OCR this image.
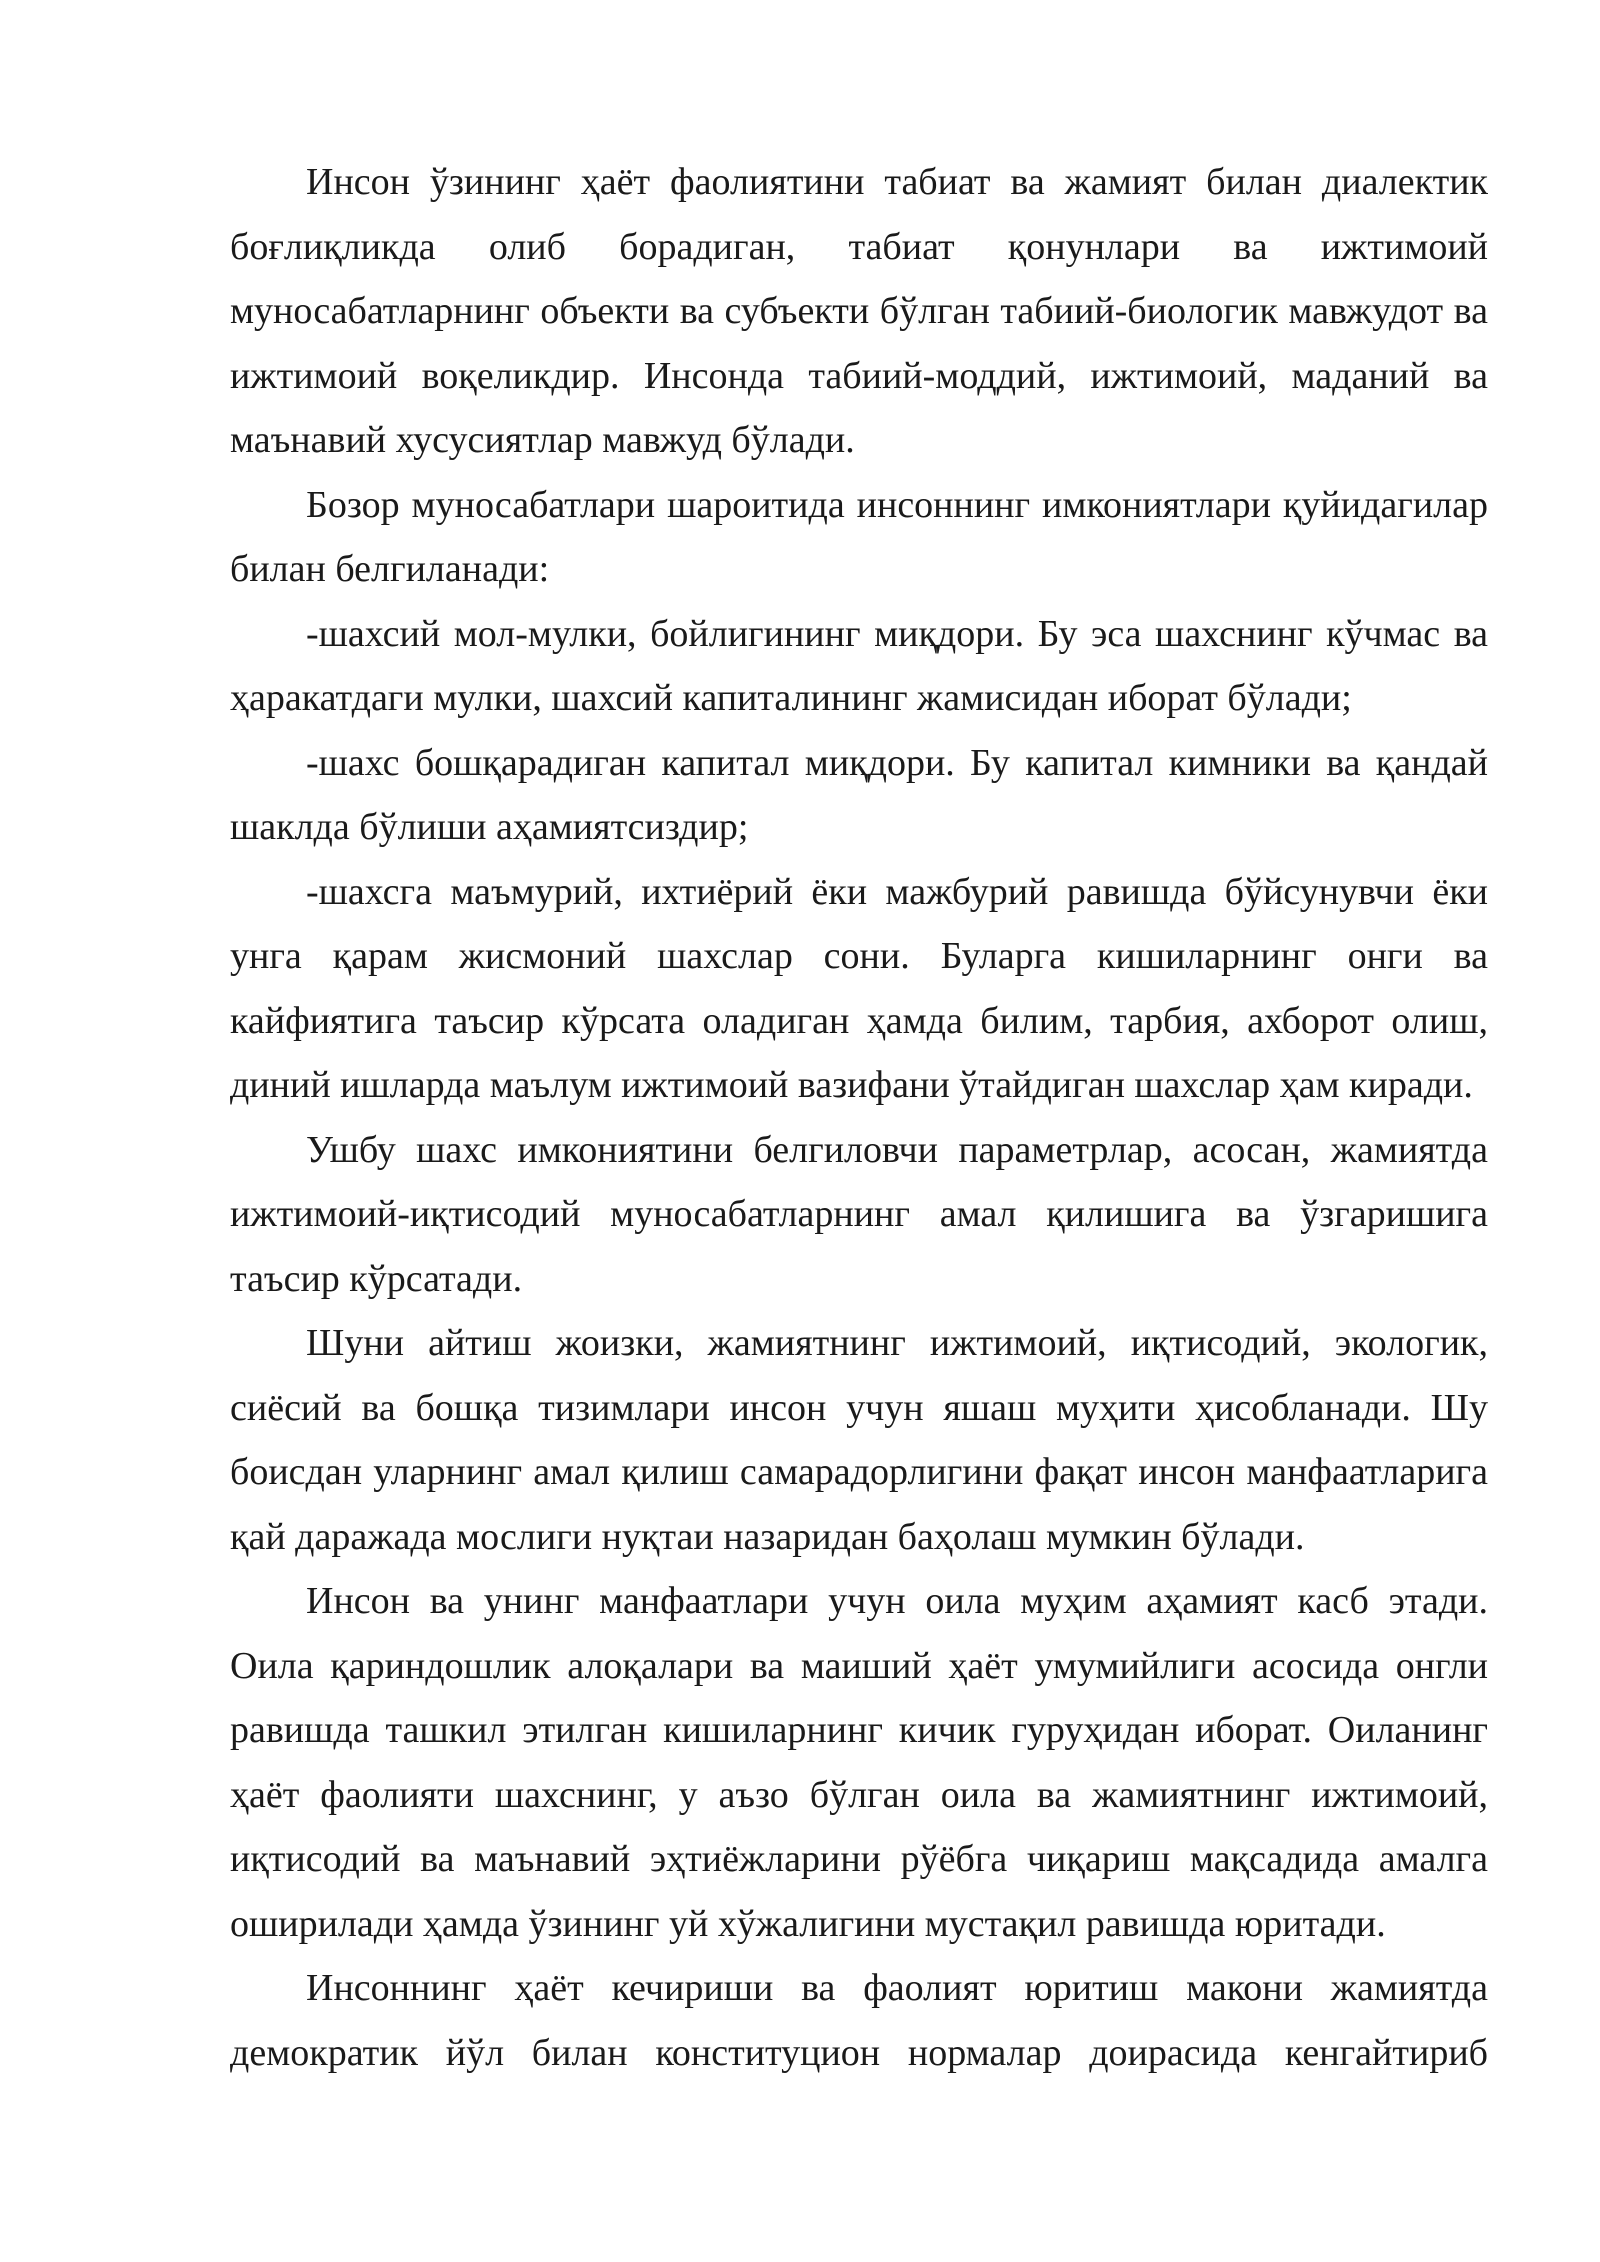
Инсон ўзининг ҳаёт фаолиятини табиат ва жамият билан диалектик боғлиқликда олиб борадиган, табиат қонунлари ва ижтимоий муносабатларнинг объекти ва субъекти бўлган табиий-биологик мавжудот ва ижтимоий воқеликдир. Инсонда табиий-моддий, ижтимоий, маданий ва маънавий хусусиятлар мавжуд бўлади.

Бозор муносабатлари шароитида инсоннинг имкониятлари қуйидагилар билан белгиланади:

-шахсий мол-мулки, бойлигининг миқдори. Бу эса шахснинг кўчмас ва ҳаракатдаги мулки, шахсий капиталининг жамисидан иборат бўлади;

-шахс бошқарадиган капитал миқдори. Бу капитал кимники ва қандай шаклда бўлиши аҳамиятсиздир;

-шахсга маъмурий, ихтиёрий ёки мажбурий равишда бўйсунувчи ёки унга қарам жисмоний шахслар сони. Буларга кишиларнинг онги ва кайфиятига таъсир кўрсата оладиган ҳамда билим, тарбия, ахборот олиш, диний ишларда маълум ижтимоий вазифани ўтайдиган шахслар ҳам киради.

Ушбу шахс имкониятини белгиловчи параметрлар, асосан, жамиятда ижтимоий-иқтисодий муносабатларнинг амал қилишига ва ўзгаришига таъсир кўрсатади.

Шуни айтиш жоизки, жамиятнинг ижтимоий, иқтисодий, экологик, сиёсий ва бошқа тизимлари инсон учун яшаш муҳити ҳисобланади. Шу боисдан уларнинг амал қилиш самарадорлигини фақат инсон манфаатларига қай даражада мослиги нуқтаи назаридан баҳолаш мумкин бўлади.

Инсон ва унинг манфаатлари учун оила муҳим аҳамият касб этади. Оила қариндошлик алоқалари ва маиший ҳаёт умумийлиги асосида онгли равишда ташкил этилган кишиларнинг кичик гуруҳидан иборат. Оиланинг ҳаёт фаолияти шахснинг, у аъзо бўлган оила ва жамиятнинг ижтимоий, иқтисодий ва маънавий эҳтиёжларини рўёбга чиқариш мақсадида амалга оширилади ҳамда ўзининг уй хўжалигини мустақил равишда юритади.

Инсоннинг ҳаёт кечириши ва фаолият юритиш макони жамиятда демократик йўл билан конституцион нормалар доирасида кенгайтириб
